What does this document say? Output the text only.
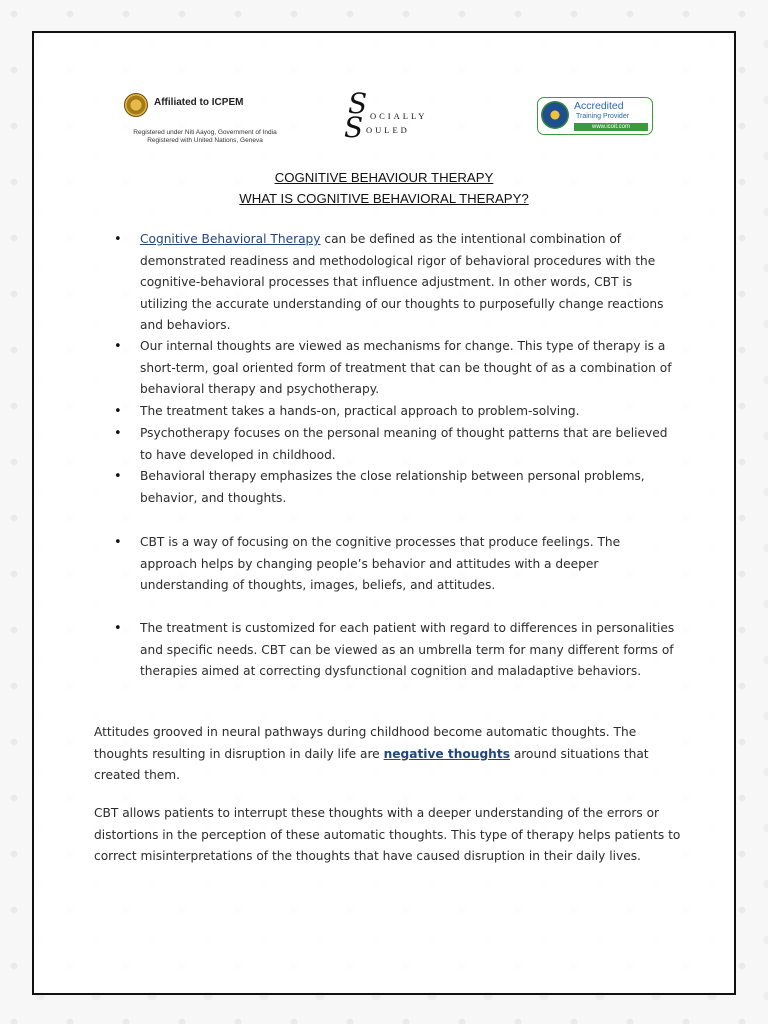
Affiliated to ICPEM
Registered under Niti Aayog, Government of India
Registered with United Nations, Geneva
S
S OCIALLY
OULED
Accredited
Training Provider
www.icoit.com
COGNITIVE BEHAVIOUR THERAPY
WHAT IS COGNITIVE BEHAVIORAL THERAPY?
• Cognitive Behavioral Therapy can be defined as the intentional combination of demonstrated readiness and methodological rigor of behavioral procedures with the cognitive-behavioral processes that influence adjustment. In other words, CBT is utilizing the accurate understanding of our thoughts to purposefully change reactions and behaviors.
• Our internal thoughts are viewed as mechanisms for change. This type of therapy is a short-term, goal oriented form of treatment that can be thought of as a combination of behavioral therapy and psychotherapy.
• The treatment takes a hands-on, practical approach to problem-solving.
• Psychotherapy focuses on the personal meaning of thought patterns that are believed to have developed in childhood.
• Behavioral therapy emphasizes the close relationship between personal problems, behavior, and thoughts.
• CBT is a way of focusing on the cognitive processes that produce feelings. The approach helps by changing people’s behavior and attitudes with a deeper understanding of thoughts, images, beliefs, and attitudes.
• The treatment is customized for each patient with regard to differences in personalities and specific needs. CBT can be viewed as an umbrella term for many different forms of therapies aimed at correcting dysfunctional cognition and maladaptive behaviors.
Attitudes grooved in neural pathways during childhood become automatic thoughts. The thoughts resulting in disruption in daily life are negative thoughts around situations that created them.
CBT allows patients to interrupt these thoughts with a deeper understanding of the errors or distortions in the perception of these automatic thoughts. This type of therapy helps patients to correct misinterpretations of the thoughts that have caused disruption in their daily lives.
